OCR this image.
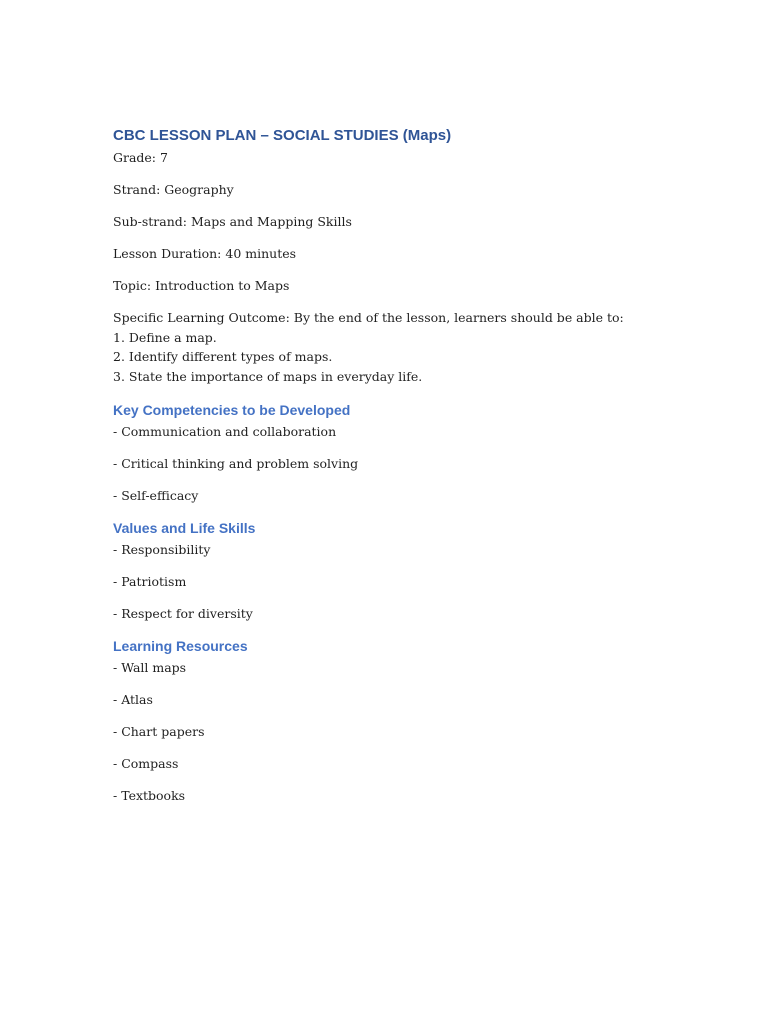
CBC LESSON PLAN – SOCIAL STUDIES (Maps)

Grade: 7

Strand: Geography

Sub-strand: Maps and Mapping Skills

Lesson Duration: 40 minutes

Topic: Introduction to Maps

Specific Learning Outcome: By the end of the lesson, learners should be able to:
1. Define a map.
2. Identify different types of maps.
3. State the importance of maps in everyday life.
Key Competencies to be Developed

- Communication and collaboration

- Critical thinking and problem solving

- Self-efficacy

Values and Life Skills

- Responsibility

- Patriotism

- Respect for diversity

Learning Resources

- Wall maps

- Atlas

- Chart papers

- Compass

- Textbooks
